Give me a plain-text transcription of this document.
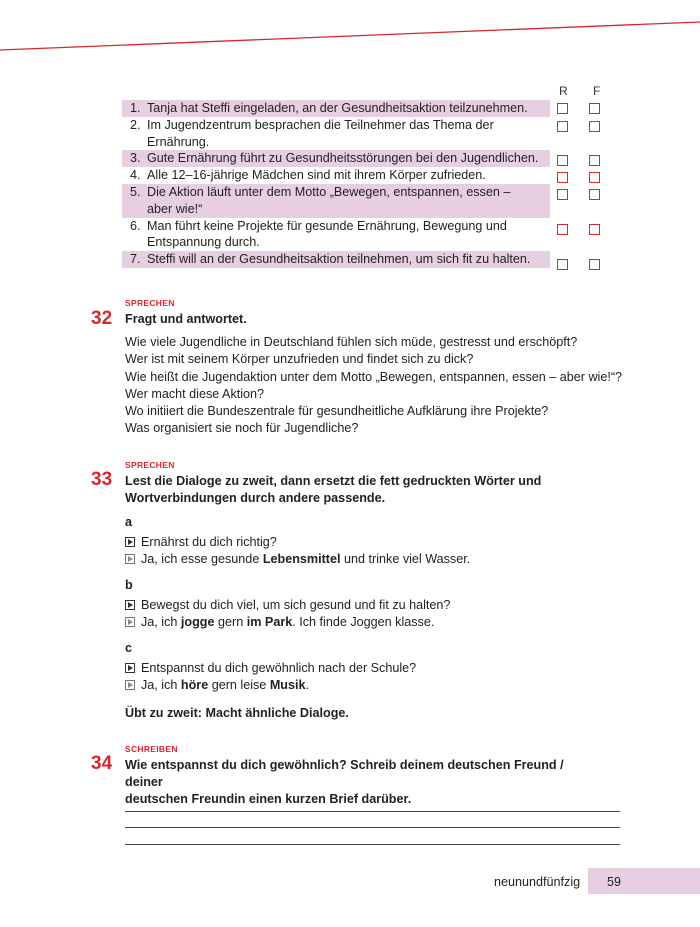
R F
1. Tanja hat Steffi eingeladen, an der Gesundheitsaktion teilzunehmen.
2. Im Jugendzentrum besprachen die Teilnehmer das Thema der
Ernährung.
3. Gute Ernährung führt zu Gesundheitsstörungen bei den Jugendlichen.
4. Alle 12–16-jährige Mädchen sind mit ihrem Körper zufrieden.
5. Die Aktion läuft unter dem Motto „Bewegen, entspannen, essen –
aber wie!“
6. Man führt keine Projekte für gesunde Ernährung, Bewegung und
Entspannung durch.
7. Steffi will an der Gesundheitsaktion teilnehmen, um sich fit zu halten.
SPRECHEN
32 Fragt und antwortet.
Wie viele Jugendliche in Deutschland fühlen sich müde, gestresst und erschöpft?
Wer ist mit seinem Körper unzufrieden und findet sich zu dick?
Wie heißt die Jugendaktion unter dem Motto „Bewegen, entspannen, essen – aber wie!“?
Wer macht diese Aktion?
Wo initiiert die Bundeszentrale für gesundheitliche Aufklärung ihre Projekte?
Was organisiert sie noch für Jugendliche?
SPRECHEN
33 Lest die Dialoge zu zweit, dann ersetzt die fett gedruckten Wörter und
Wortverbindungen durch andere passende.
a
Ernährst du dich richtig?
Ja, ich esse gesunde Lebensmittel und trinke viel Wasser.
b
Bewegst du dich viel, um sich gesund und fit zu halten?
Ja, ich jogge gern im Park. Ich finde Joggen klasse.
c
Entspannst du dich gewöhnlich nach der Schule?
Ja, ich höre gern leise Musik.
Übt zu zweit: Macht ähnliche Dialoge.
SCHREIBEN
34 Wie entspannst du dich gewöhnlich? Schreib deinem deutschen Freund / deiner
deutschen Freundin einen kurzen Brief darüber.
neunundfünfzig 59
